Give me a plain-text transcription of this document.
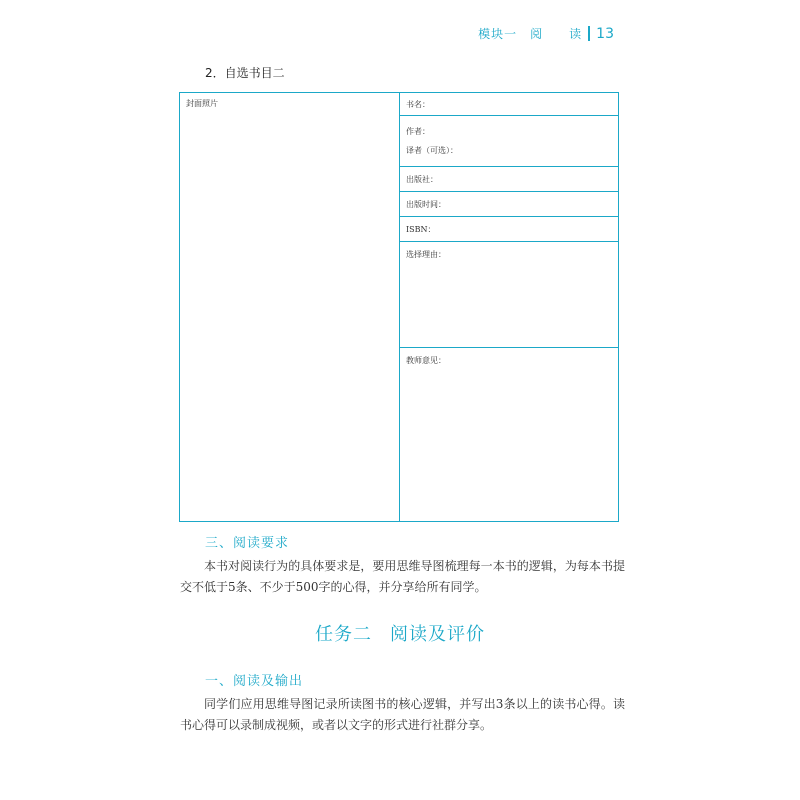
模块一　阅　　读 13
2．自选书目二
封面照片	书名：
作者：
译者（可选）：
出版社：
出版时间：
ISBN：
选择理由：
教师意见：
三、阅读要求
本书对阅读行为的具体要求是，要用思维导图梳理每一本书的逻辑，为每本书提交不低于5条、不少于500字的心得，并分享给所有同学。
任务二 阅读及评价
一、阅读及输出
同学们应用思维导图记录所读图书的核心逻辑，并写出3条以上的读书心得。读书心得可以录制成视频，或者以文字的形式进行社群分享。
